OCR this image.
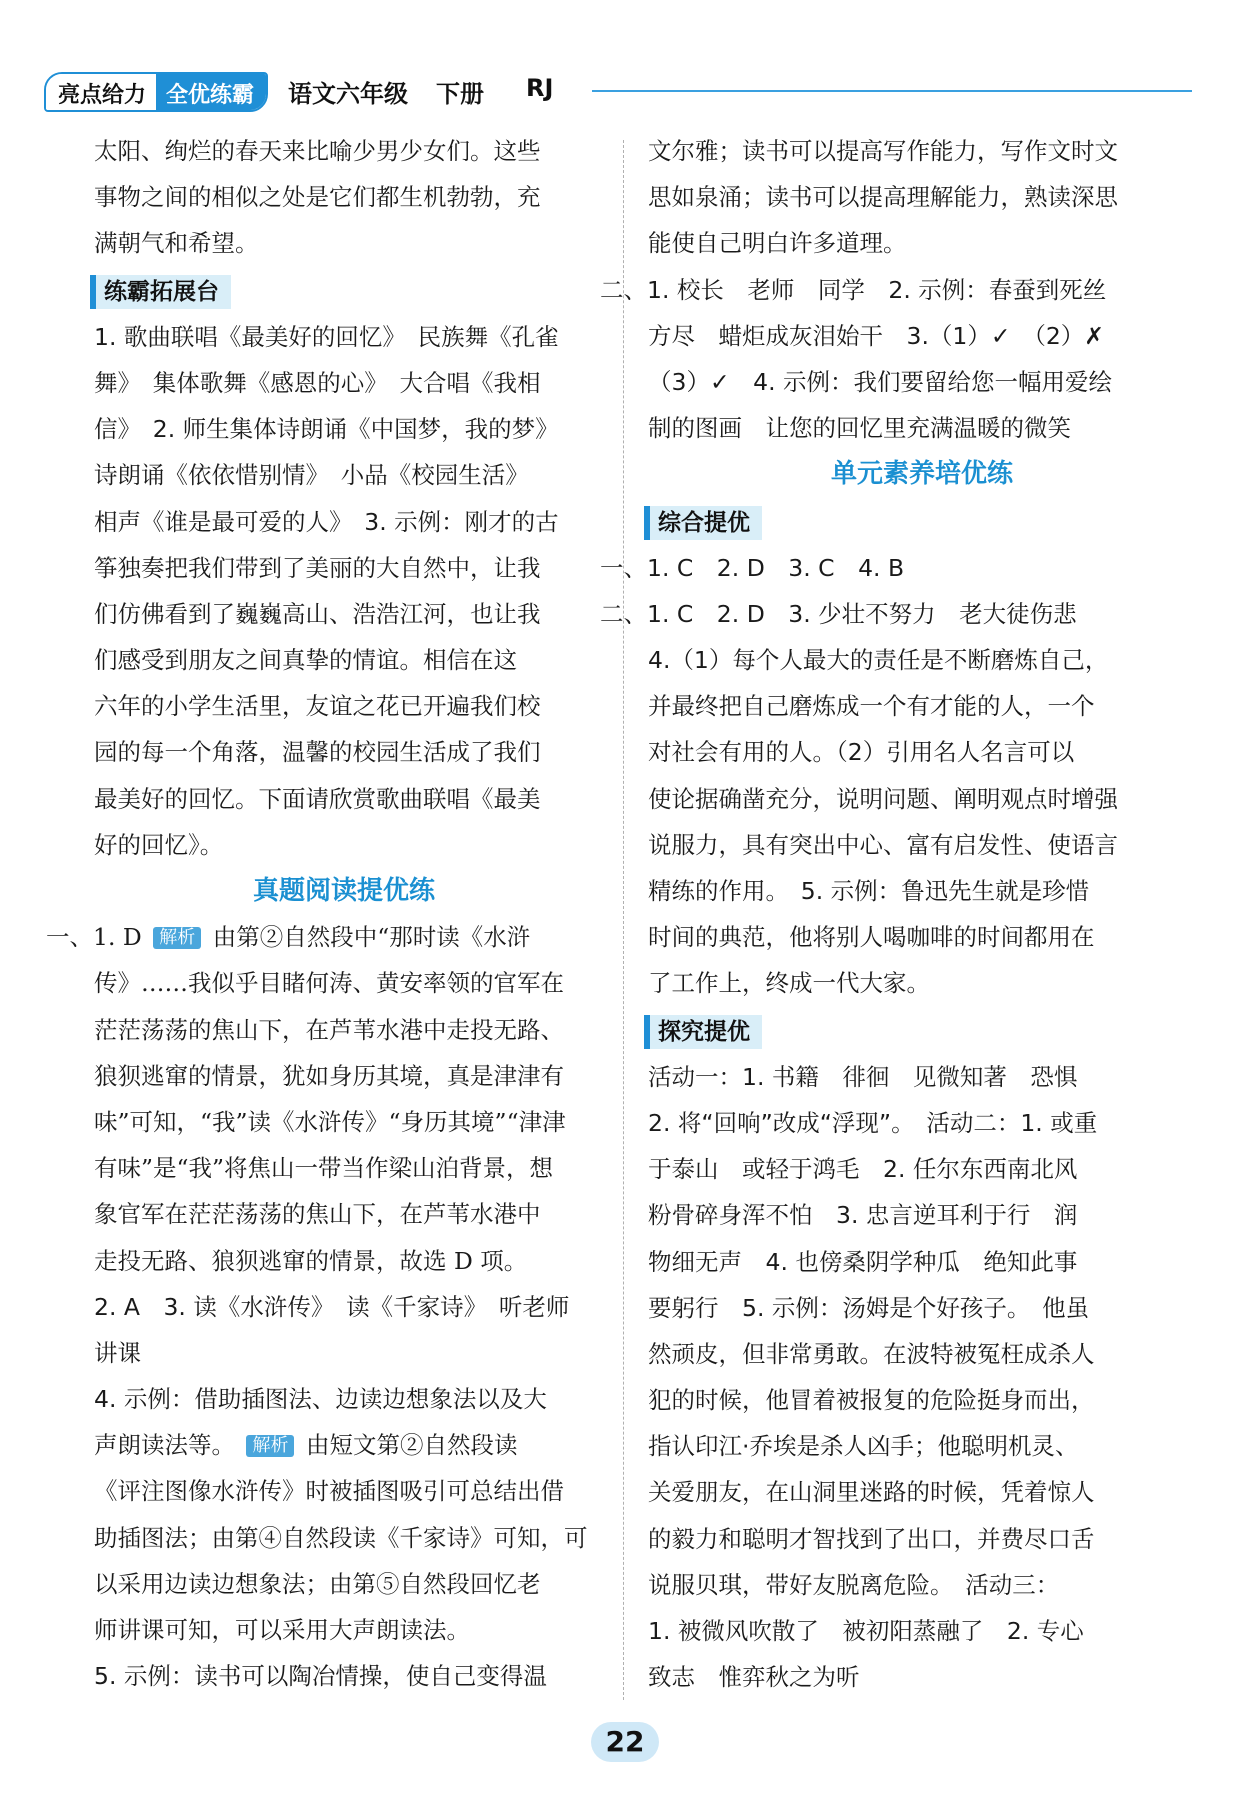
亮点给力 全优练霸	语文六年级 下册 RJ
太阳、绚烂的春天来比喻少男少女们。这些
事物之间的相似之处是它们都生机勃勃，充
满朝气和希望。
练霸拓展台
1. 歌曲联唱《最美好的回忆》　民族舞《孔雀
舞》　集体歌舞《感恩的心》　大合唱《我相
信》　2. 师生集体诗朗诵《中国梦，我的梦》
诗朗诵《依依惜别情》　小品《校园生活》
相声《谁是最可爱的人》　3. 示例：刚才的古
筝独奏把我们带到了美丽的大自然中，让我
们仿佛看到了巍巍高山、浩浩江河，也让我
们感受到朋友之间真挚的情谊。相信在这
六年的小学生活里，友谊之花已开遍我们校
园的每一个角落，温馨的校园生活成了我们
最美好的回忆。下面请欣赏歌曲联唱《最美
好的回忆》。
真题阅读提优练
一、1. D 解析 由第②自然段中“那时读《水浒
传》……我似乎目睹何涛、黄安率领的官军在
茫茫荡荡的焦山下，在芦苇水港中走投无路、
狼狈逃窜的情景，犹如身历其境，真是津津有
味”可知，“我”读《水浒传》“身历其境”“津津
有味”是“我”将焦山一带当作梁山泊背景，想
象官军在茫茫荡荡的焦山下，在芦苇水港中
走投无路、狼狈逃窜的情景，故选 D 项。
2. A　3. 读《水浒传》　读《千家诗》　听老师
讲课
4. 示例：借助插图法、边读边想象法以及大
声朗读法等。 解析 由短文第②自然段读
《评注图像水浒传》时被插图吸引可总结出借
助插图法；由第④自然段读《千家诗》可知，可
以采用边读边想象法；由第⑤自然段回忆老
师讲课可知，可以采用大声朗读法。
5. 示例：读书可以陶冶情操，使自己变得温
文尔雅；读书可以提高写作能力，写作文时文
思如泉涌；读书可以提高理解能力，熟读深思
能使自己明白许多道理。
二、1. 校长　老师　同学　2. 示例：春蚕到死丝
方尽　蜡炬成灰泪始干　3.（1）✓　（2）✗
（3）✓　4. 示例：我们要留给您一幅用爱绘
制的图画　让您的回忆里充满温暖的微笑
单元素养培优练
综合提优
一、1. C　2. D　3. C　4. B
二、1. C　2. D　3. 少壮不努力　老大徒伤悲
4.（1）每个人最大的责任是不断磨炼自己，
并最终把自己磨炼成一个有才能的人，一个
对社会有用的人。（2）引用名人名言可以
使论据确凿充分，说明问题、阐明观点时增强
说服力，具有突出中心、富有启发性、使语言
精练的作用。　5. 示例：鲁迅先生就是珍惜
时间的典范，他将别人喝咖啡的时间都用在
了工作上，终成一代大家。
探究提优
活动一：1. 书籍　徘徊　见微知著　恐惧
2. 将“回响”改成“浮现”。　活动二：1. 或重
于泰山　或轻于鸿毛　2. 任尔东西南北风
粉骨碎身浑不怕　3. 忠言逆耳利于行　润
物细无声　4. 也傍桑阴学种瓜　绝知此事
要躬行　5. 示例：汤姆是个好孩子。　他虽
然顽皮，但非常勇敢。在波特被冤枉成杀人
犯的时候，他冒着被报复的危险挺身而出，
指认印江·乔埃是杀人凶手；他聪明机灵、
关爱朋友，在山洞里迷路的时候，凭着惊人
的毅力和聪明才智找到了出口，并费尽口舌
说服贝琪，带好友脱离危险。　活动三：
1. 被微风吹散了　被初阳蒸融了　2. 专心
致志　惟弈秋之为听
22
